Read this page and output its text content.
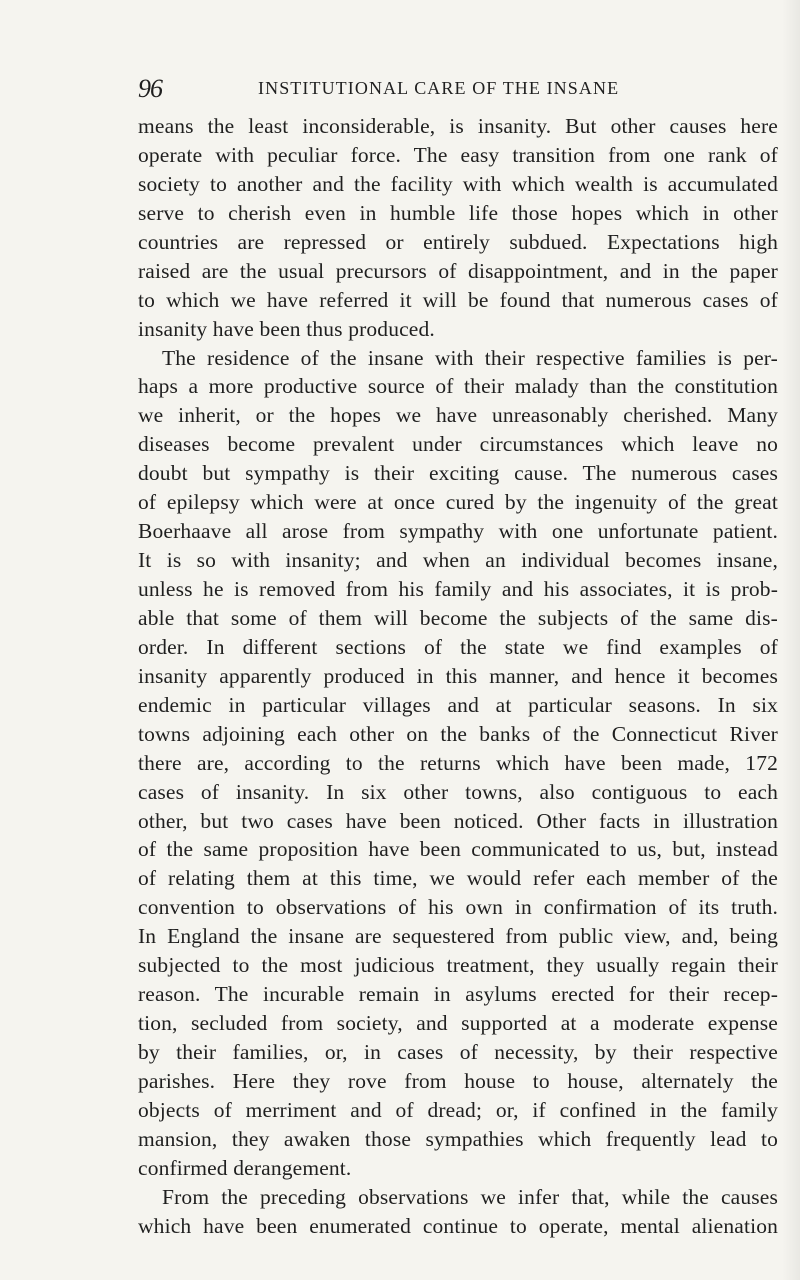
96	INSTITUTIONAL CARE OF THE INSANE
means the least inconsiderable, is insanity. But other causes here
operate with peculiar force. The easy transition from one rank of
society to another and the facility with which wealth is accumulated
serve to cherish even in humble life those hopes which in other
countries are repressed or entirely subdued. Expectations high
raised are the usual precursors of disappointment, and in the paper
to which we have referred it will be found that numerous cases of
insanity have been thus produced.
The residence of the insane with their respective families is per-
haps a more productive source of their malady than the constitution
we inherit, or the hopes we have unreasonably cherished. Many
diseases become prevalent under circumstances which leave no
doubt but sympathy is their exciting cause. The numerous cases
of epilepsy which were at once cured by the ingenuity of the great
Boerhaave all arose from sympathy with one unfortunate patient.
It is so with insanity; and when an individual becomes insane,
unless he is removed from his family and his associates, it is prob-
able that some of them will become the subjects of the same dis-
order. In different sections of the state we find examples of
insanity apparently produced in this manner, and hence it becomes
endemic in particular villages and at particular seasons. In six
towns adjoining each other on the banks of the Connecticut River
there are, according to the returns which have been made, 172
cases of insanity. In six other towns, also contiguous to each
other, but two cases have been noticed. Other facts in illustration
of the same proposition have been communicated to us, but, instead
of relating them at this time, we would refer each member of the
convention to observations of his own in confirmation of its truth.
In England the insane are sequestered from public view, and, being
subjected to the most judicious treatment, they usually regain their
reason. The incurable remain in asylums erected for their recep-
tion, secluded from society, and supported at a moderate expense
by their families, or, in cases of necessity, by their respective
parishes. Here they rove from house to house, alternately the
objects of merriment and of dread; or, if confined in the family
mansion, they awaken those sympathies which frequently lead to
confirmed derangement.
From the preceding observations we infer that, while the causes
which have been enumerated continue to operate, mental alienation
